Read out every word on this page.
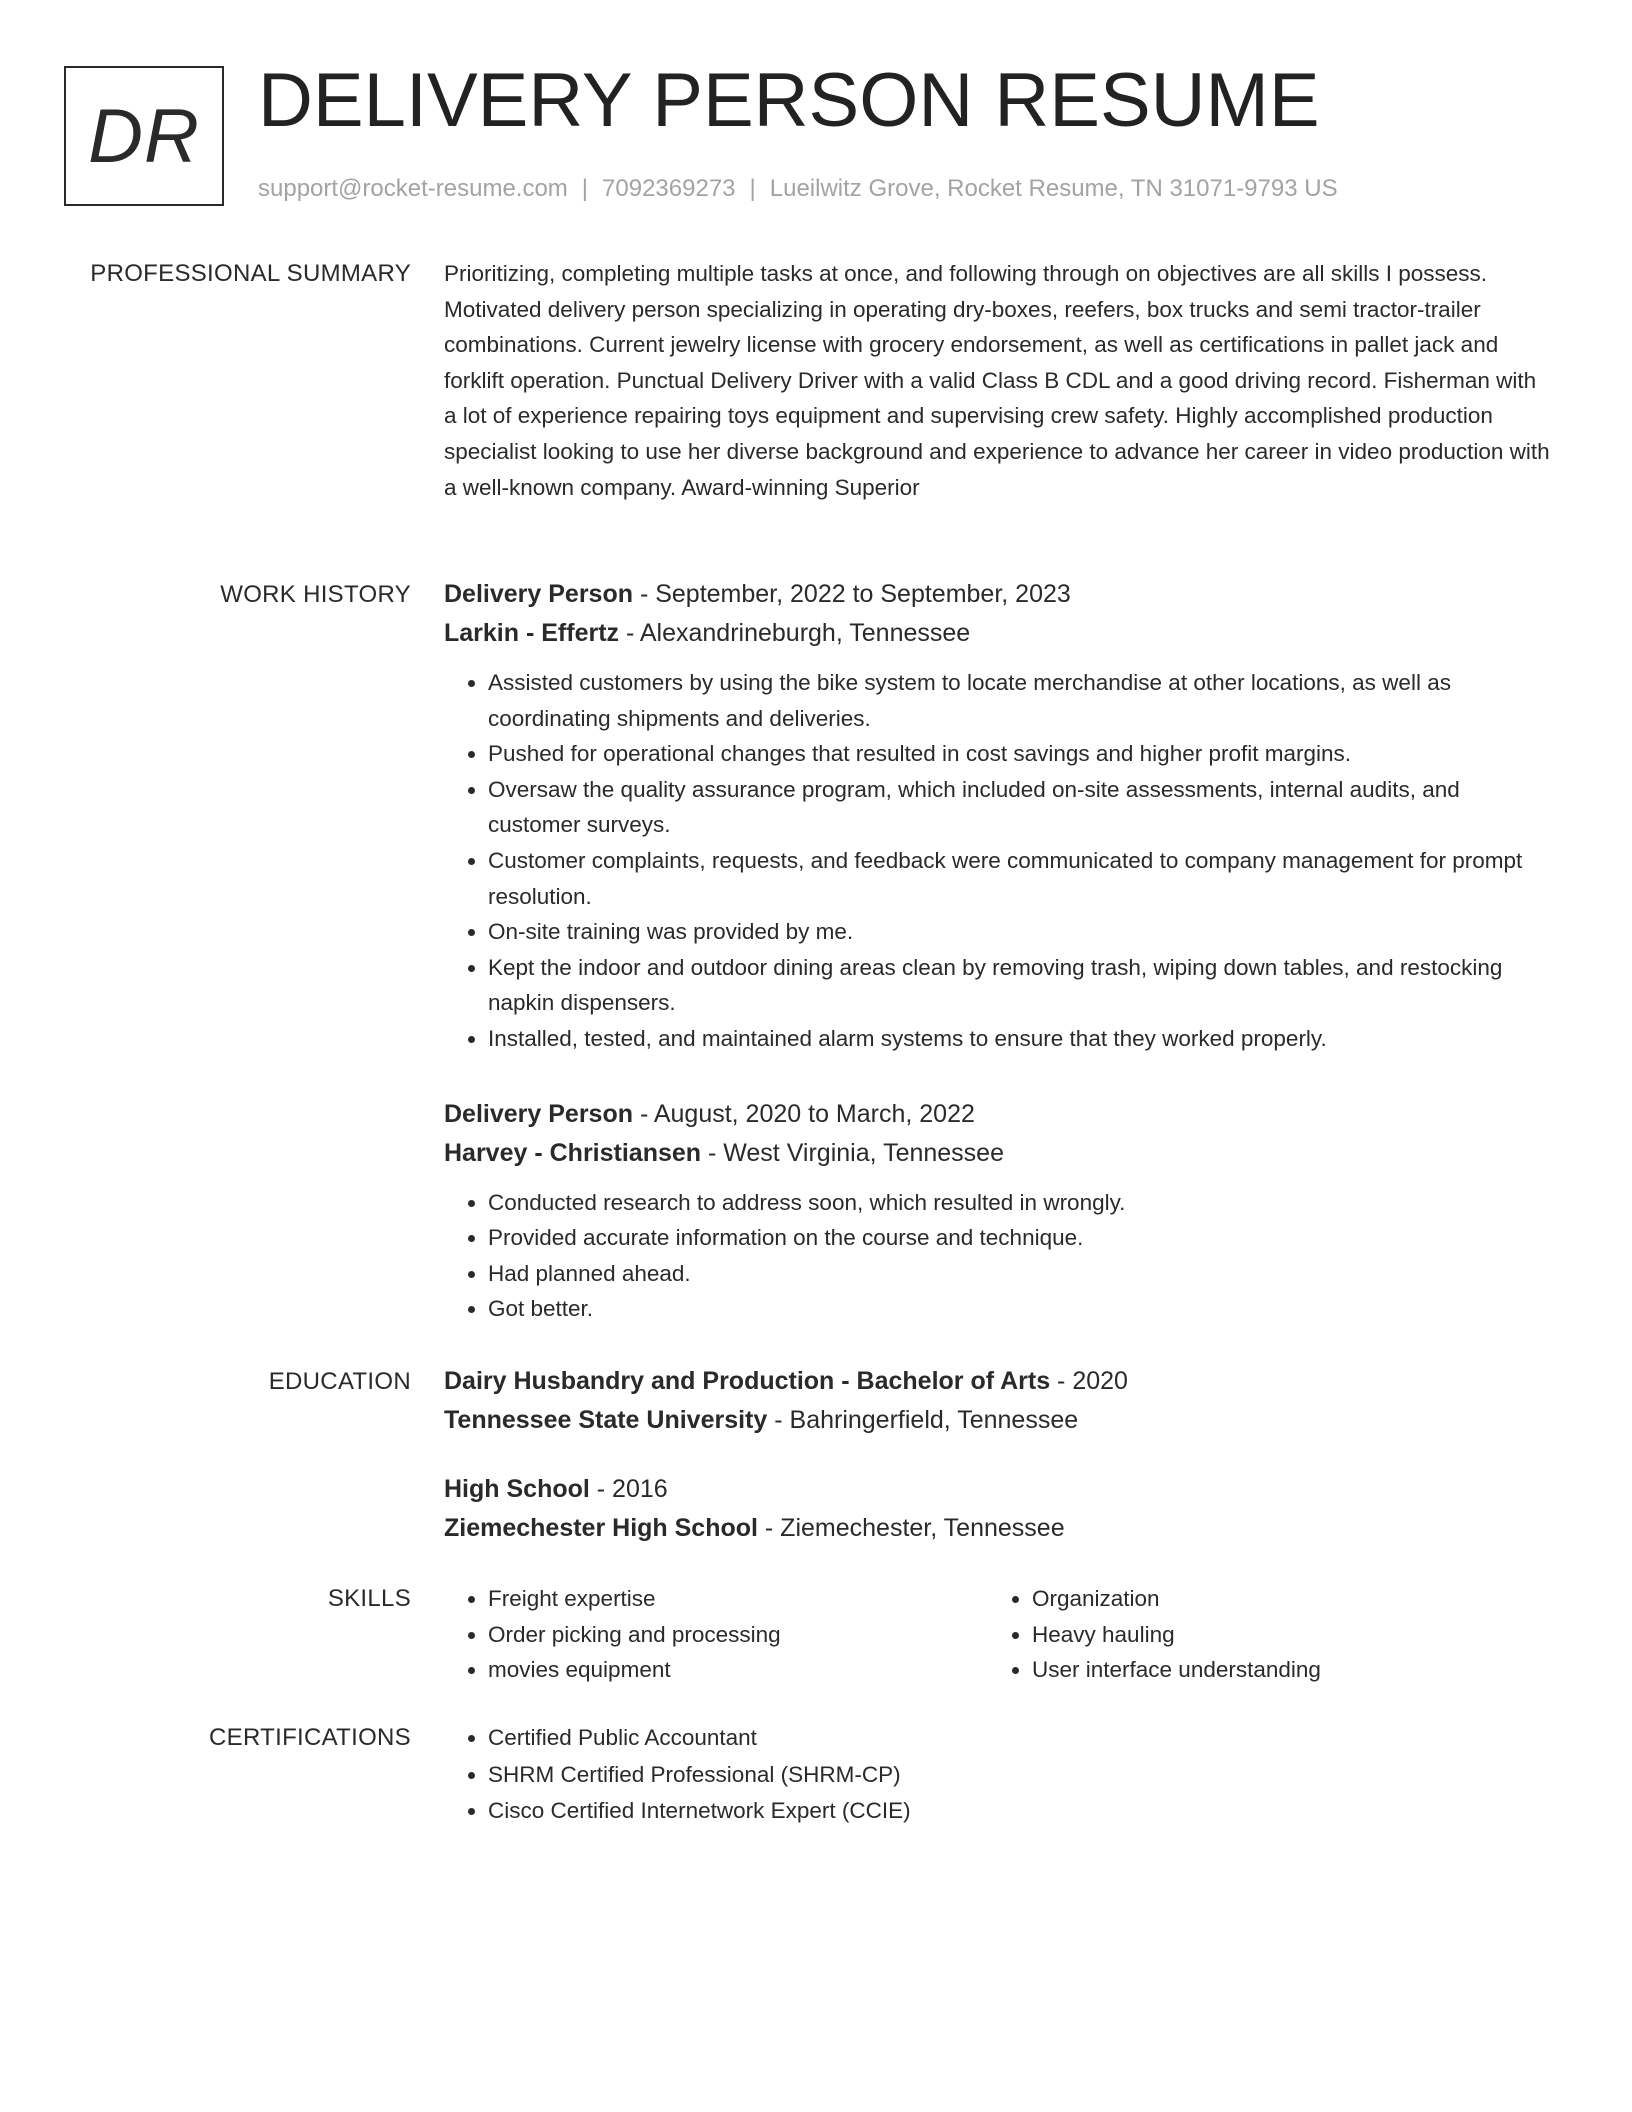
DR DELIVERY PERSON RESUME
support@rocket-resume.com | 7092369273 | Lueilwitz Grove, Rocket Resume, TN 31071-9793 US
PROFESSIONAL SUMMARY Prioritizing, completing multiple tasks at once, and following through on objectives are all skills I possess. Motivated delivery person specializing in operating dry-boxes, reefers, box trucks and semi tractor-trailer combinations. Current jewelry license with grocery endorsement, as well as certifications in pallet jack and forklift operation. Punctual Delivery Driver with a valid Class B CDL and a good driving record. Fisherman with a lot of experience repairing toys equipment and supervising crew safety. Highly accomplished production specialist looking to use her diverse background and experience to advance her career in video production with a well-known company. Award-winning Superior

WORK HISTORY Delivery Person - September, 2022 to September, 2023
Larkin - Effertz - Alexandrineburgh, Tennessee
• Assisted customers by using the bike system to locate merchandise at other locations, as well as coordinating shipments and deliveries.
• Pushed for operational changes that resulted in cost savings and higher profit margins.
• Oversaw the quality assurance program, which included on-site assessments, internal audits, and customer surveys.
• Customer complaints, requests, and feedback were communicated to company management for prompt resolution.
• On-site training was provided by me.
• Kept the indoor and outdoor dining areas clean by removing trash, wiping down tables, and restocking napkin dispensers.
• Installed, tested, and maintained alarm systems to ensure that they worked properly.
Delivery Person - August, 2020 to March, 2022
Harvey - Christiansen - West Virginia, Tennessee
• Conducted research to address soon, which resulted in wrongly.
• Provided accurate information on the course and technique.
• Had planned ahead.
• Got better.
EDUCATION Dairy Husbandry and Production - Bachelor of Arts - 2020
Tennessee State University - Bahringerfield, Tennessee
High School - 2016
Ziemechester High School - Ziemechester, Tennessee
SKILLS	• Freight expertise
• Order picking and processing
• movies equipment
• Organization
• Heavy hauling
• User interface understanding
CERTIFICATIONS	• Certified Public Accountant
• SHRM Certified Professional (SHRM-CP)
• Cisco Certified Internetwork Expert (CCIE)
